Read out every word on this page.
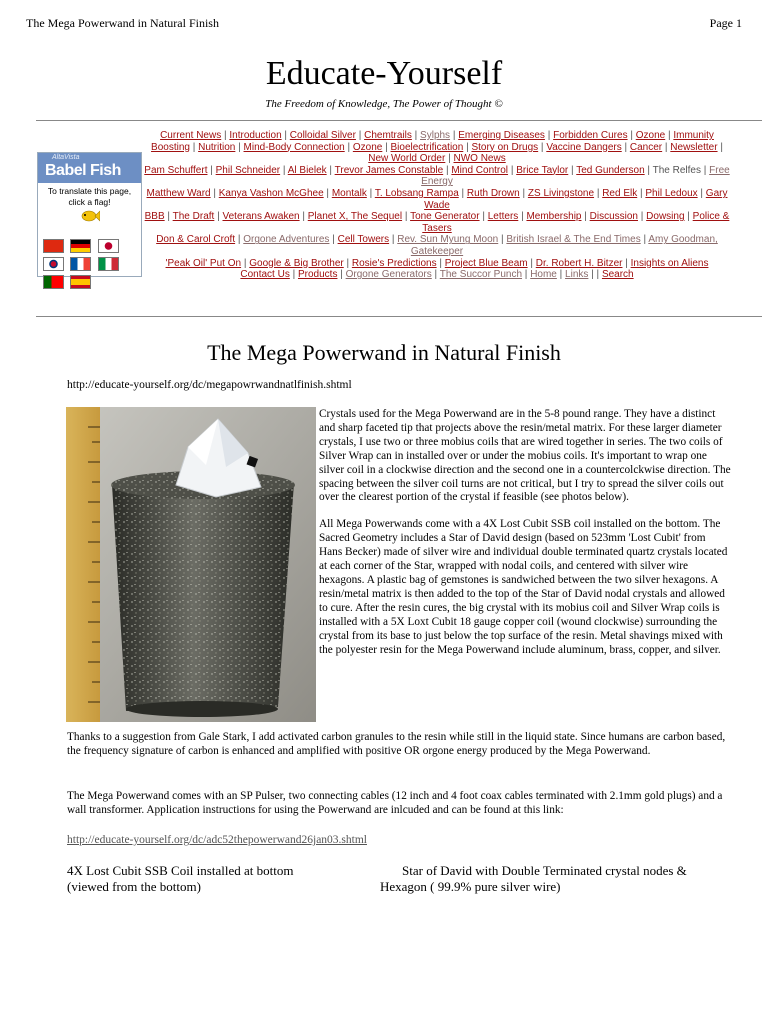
The Mega Powerwand in Natural Finish	Page 1
Educate-Yourself
The Freedom of Knowledge, The Power of Thought ©
AltaVista
Babel Fish
To translate this page,
click a flag!

Current News | Introduction | Colloidal Silver | Chemtrails | Sylphs | Emerging Diseases | Forbidden Cures | Ozone | Immunity Boosting | Nutrition | Mind-Body Connection | Ozone | Bioelectrification | Story on Drugs | Vaccine Dangers | Cancer | Newsletter | New World Order | NWO News
Pam Schuffert | Phil Schneider | Al Bielek | Trevor James Constable | Mind Control | Brice Taylor | Ted Gunderson | The Relfes | Free Energy
Matthew Ward | Kanya Vashon McGhee | Montalk | T. Lobsang Rampa | Ruth Drown | ZS Livingstone | Red Elk | Phil Ledoux | Gary Wade
BBB | The Draft | Veterans Awaken | Planet X, The Sequel | Tone Generator | Letters | Membership | Discussion | Dowsing | Police & Tasers
Don & Carol Croft | Orgone Adventures | Cell Towers | Rev. Sun Myung Moon | British Israel & The End Times | Amy Goodman, Gatekeeper
'Peak Oil' Put On | Google & Big Brother | Rosie's Predictions | Project Blue Beam | Dr. Robert H. Bitzer | Insights on Aliens
Contact Us | Products | Orgone Generators | The Succor Punch | Home | Links | | Search
The Mega Powerwand in Natural Finish
http://educate-yourself.org/dc/megapowrwandnatlfinish.shtml

Crystals used for the Mega Powerwand are in the 5-8 pound range. They have a distinct and sharp faceted tip that projects above the resin/metal matrix. For these larger diameter crystals, I use two or three mobius coils that are wired together in series. The two coils of Silver Wrap can in installed over or under the mobius coils. It's important to wrap one silver coil in a clockwise direction and the second one in a countercolckwise direction. The spacing between the silver coil turns are not critical, but I try to spread the silver coils out over the clearest portion of the crystal if feasible (see photos below).

All Mega Powerwands come with a 4X Lost Cubit SSB coil installed on the bottom. The Sacred Geometry includes a Star of David design (based on 523mm 'Lost Cubit' from Hans Becker) made of silver wire and individual double terminated quartz crystals located at each corner of the Star, wrapped with nodal coils, and centered with silver wire hexagons. A plastic bag of gemstones is sandwiched between the two silver hexagons. A resin/metal matrix is then added to the top of the Star of David nodal crystals and allowed to cure. After the resin cures, the big crystal with its mobius coil and Silver Wrap coils is installed with a 5X Loxt Cubit 18 gauge copper coil (wound clockwise) surrounding the crystal from its base to just below the top surface of the resin. Metal shavings mixed with the polyester resin for the Mega Powerwand include aluminum, brass, copper, and silver.

Thanks to a suggestion from Gale Stark, I add activated carbon granules to the resin while still in the liquid state. Since humans are carbon based, the frequency signature of carbon is enhanced and amplified with positive OR orgone energy produced by the Mega Powerwand.
The Mega Powerwand comes with an SP Pulser, two connecting cables (12 inch and 4 foot coax cables terminated with 2.1mm gold plugs) and a wall transformer. Application instructions for using the Powerwand are inlcuded and can be found at this link:
http://educate-yourself.org/dc/adc52thepowerwand26jan03.shtml
4X Lost Cubit SSB Coil installed at bottom (viewed from the bottom)
Star of David with Double Terminated crystal nodes & Hexagon ( 99.9% pure silver wire)
